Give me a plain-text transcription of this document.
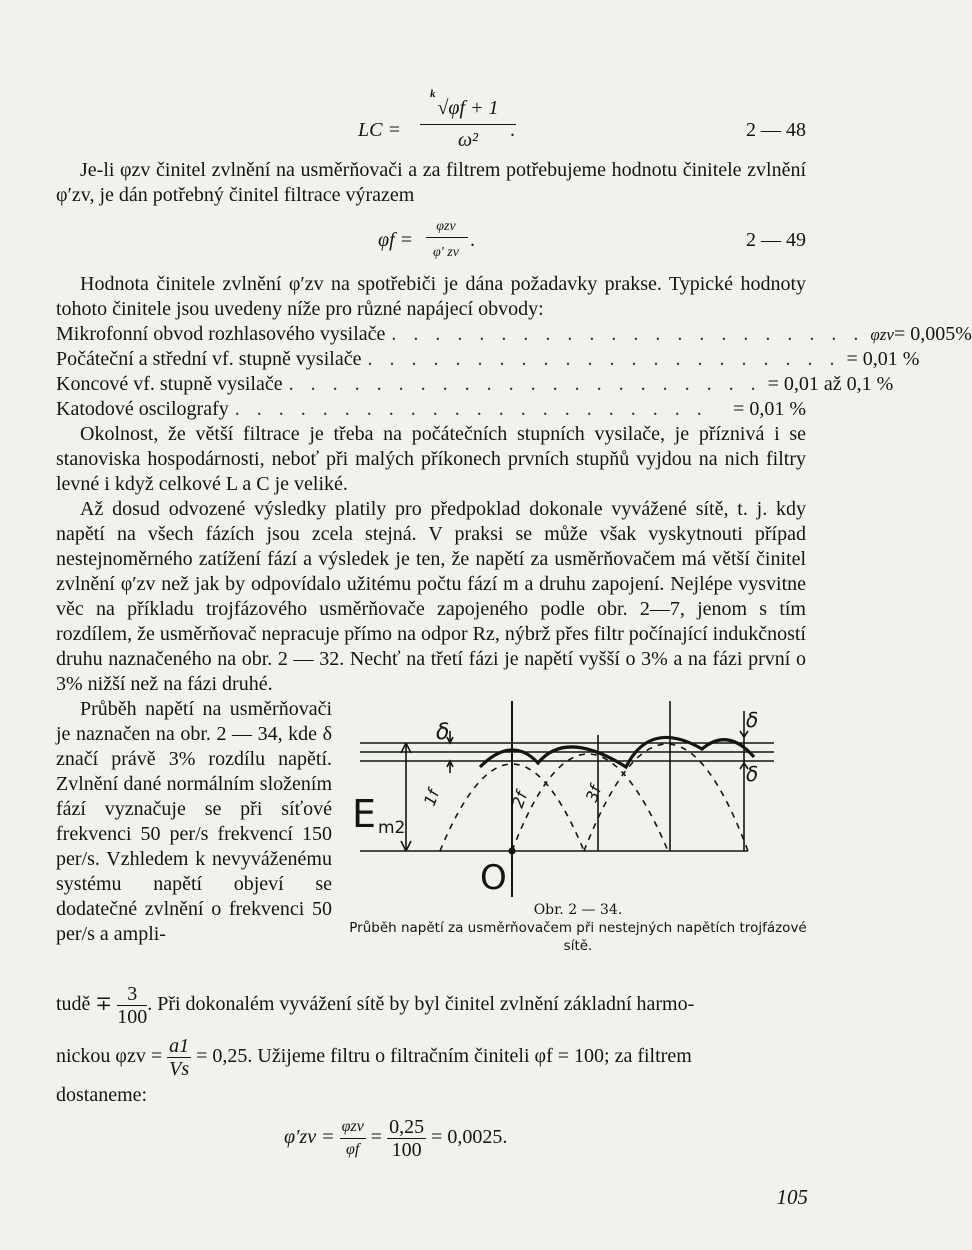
LC =
k
√φf + 1
ω²	.	2 — 48

Je-li φzv činitel zvlnění na usměrňovači a za filtrem potřebujeme hodnotu činitele zvlnění φ′zv, je dán potřebný činitel filtrace výrazem

φf =
φzv
φ′ zv
.	2 — 49

Hodnota činitele zvlnění φ′zv na spotřebiči je dána požadavky prakse. Typické hodnoty tohoto činitele jsou uvedeny níže pro různé napájecí obvody:

Mikrofonní obvod rozhlasového vysilače . . . . . . . . . . . . . . . . . . . . . . φzv = 0,005%
Počáteční a střední vf. stupně vysilače . . . . . . . . . . . . . . . . . . . . . . = 0,01 %
Koncové vf. stupně vysilače . . . . . . . . . . . . . . . . . . . . . . = 0,01 až 0,1 %
Katodové oscilografy . . . . . . . . . . . . . . . . . . . . . .	= 0,01 %

Okolnost, že větší filtrace je třeba na počátečních stupních vysilače, je příznivá i se stanoviska hospodárnosti, neboť při malých příkonech prvních stupňů vyjdou na nich filtry levné i když celkové L a C je veliké.

Až dosud odvozené výsledky platily pro předpoklad dokonale vyvážené sítě, t. j. kdy napětí na všech fázích jsou zcela stejná. V praksi se může však vyskytnouti případ nestejnoměrného zatížení fází a výsledek je ten, že napětí za usměrňovačem má větší činitel zvlnění φ′zv než jak by odpovídalo užitému počtu fází m a druhu zapojení. Nejlépe vysvitne věc na příkladu trojfázového usměrňovače zapojeného podle obr. 2—7, jenom s tím rozdílem, že usměrňovač nepracuje přímo na odpor Rz, nýbrž přes filtr počínající indukčností druhu naznačeného na obr. 2 — 32. Nechť na třetí fázi je napětí vyšší o 3% a na fázi první o 3% nižší než na fázi druhé.

Průběh napětí na usměrňovači je naznačen na obr. 2 — 34, kde δ značí právě 3% rozdílu napětí. Zvlnění dané normálním složením fází vyznačuje se při síťové frekvenci 50 per/s frekvencí 150 per/s. Vzhledem k nevyváženému systému napětí objeví se dodatečné zvlnění o frekvenci 50 per/s a ampli-

δ	δ
δ
E m2
O
1f	2f	3f
Obr. 2 — 34.
Průběh napětí za usměrňovačem při nestejných napětích trojfázové sítě.
tudě ∓ $\frac{3}{100}$ . Při dokonalém vyvážení sítě by byl činitel zvlnění základní harmo-
nickou $\varphi zv = \frac{a1}{Vs} = 0,25$. Užijeme filtru o filtračním činiteli φf = 100; za filtrem

dostaneme:

$\varphi'zv = \frac{\text{φzv}}{\varphi f} = \frac{0,25}{100} = 0,0025$.
105
